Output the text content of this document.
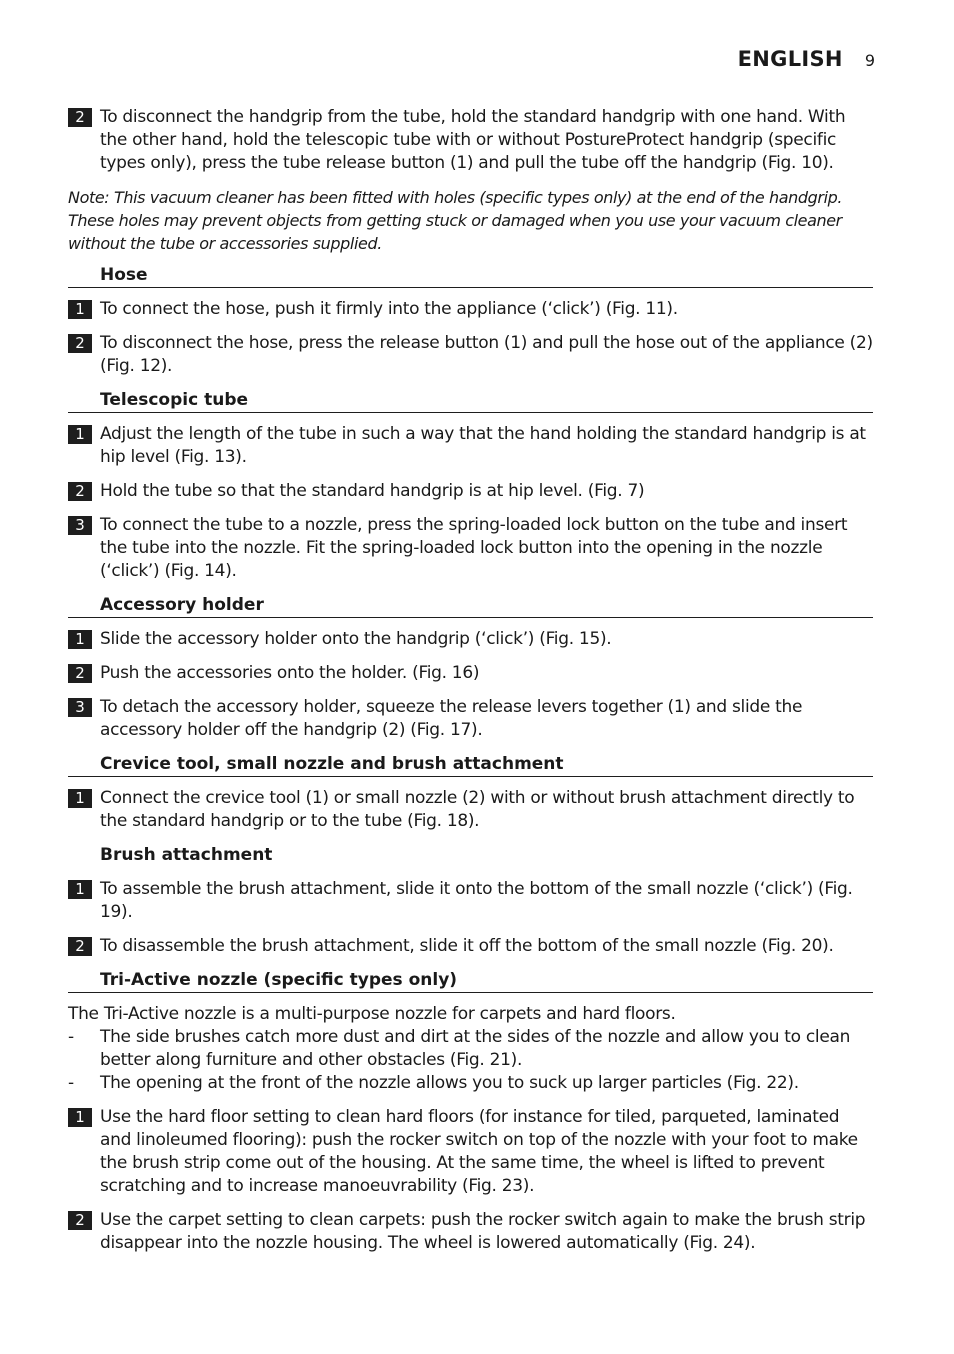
ENGLISH 9
2 To disconnect the handgrip from the tube, hold the standard handgrip with one hand. With the other hand, hold the telescopic tube with or without PostureProtect handgrip (specific types only), press the tube release button (1) and pull the tube off the handgrip (Fig. 10).

Note: This vacuum cleaner has been fitted with holes (specific types only) at the end of the handgrip. These holes may prevent objects from getting stuck or damaged when you use your vacuum cleaner without the tube or accessories supplied.

Hose
1 To connect the hose, push it firmly into the appliance (‘click’) (Fig. 11).
2 To disconnect the hose, press the release button (1) and pull the hose out of the appliance (2) (Fig. 12).
Telescopic tube
1 Adjust the length of the tube in such a way that the hand holding the standard handgrip is at hip level (Fig. 13).
2 Hold the tube so that the standard handgrip is at hip level. (Fig. 7)
3 To connect the tube to a nozzle, press the spring-loaded lock button on the tube and insert the tube into the nozzle. Fit the spring-loaded lock button into the opening in the nozzle (‘click’) (Fig. 14).
Accessory holder
1 Slide the accessory holder onto the handgrip (‘click’) (Fig. 15).
2 Push the accessories onto the holder. (Fig. 16)
3 To detach the accessory holder, squeeze the release levers together (1) and slide the accessory holder off the handgrip (2) (Fig. 17).
Crevice tool, small nozzle and brush attachment
1 Connect the crevice tool (1) or small nozzle (2) with or without brush attachment directly to the standard handgrip or to the tube (Fig. 18).
Brush attachment
1 To assemble the brush attachment, slide it onto the bottom of the small nozzle (‘click’) (Fig. 19).
2 To disassemble the brush attachment, slide it off the bottom of the small nozzle (Fig. 20).
Tri-Active nozzle (specific types only)
The Tri-Active nozzle is a multi-purpose nozzle for carpets and hard floors.
-	The side brushes catch more dust and dirt at the sides of the nozzle and allow you to clean better along furniture and other obstacles (Fig. 21).
-	The opening at the front of the nozzle allows you to suck up larger particles (Fig. 22).
1 Use the hard floor setting to clean hard floors (for instance for tiled, parqueted, laminated and linoleumed flooring): push the rocker switch on top of the nozzle with your foot to make the brush strip come out of the housing. At the same time, the wheel is lifted to prevent scratching and to increase manoeuvrability (Fig. 23).
2 Use the carpet setting to clean carpets: push the rocker switch again to make the brush strip disappear into the nozzle housing. The wheel is lowered automatically (Fig. 24).
